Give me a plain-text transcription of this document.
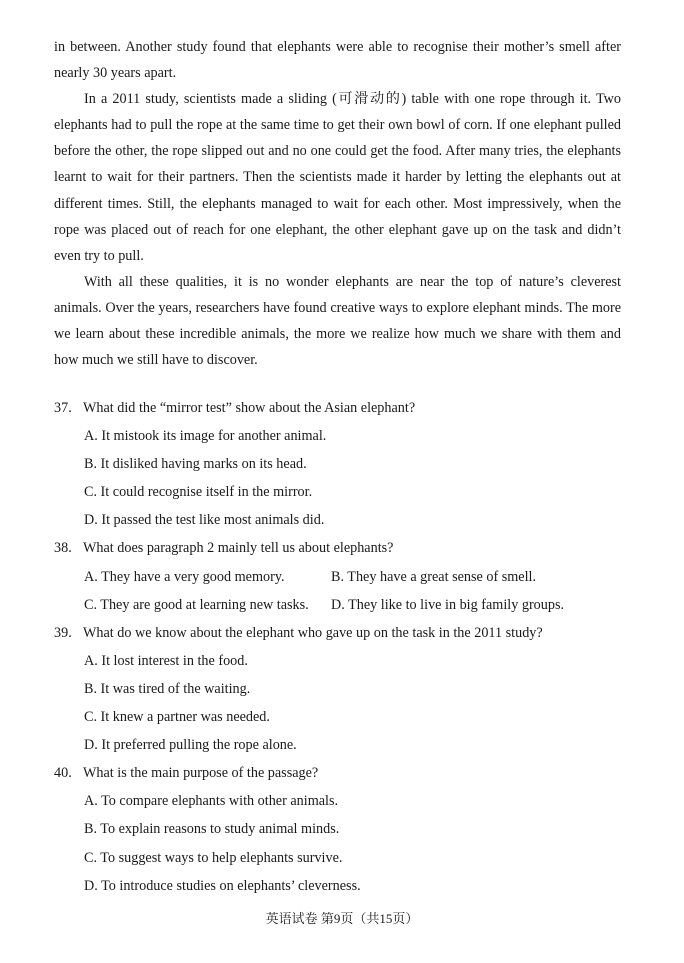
in between. Another study found that elephants were able to recognise their mother’s smell after nearly 30 years apart.

In a 2011 study, scientists made a sliding (可滑动的) table with one rope through it. Two elephants had to pull the rope at the same time to get their own bowl of corn. If one elephant pulled before the other, the rope slipped out and no one could get the food. After many tries, the elephants learnt to wait for their partners. Then the scientists made it harder by letting the elephants out at different times. Still, the elephants managed to wait for each other. Most impressively, when the rope was placed out of reach for one elephant, the other elephant gave up on the task and didn’t even try to pull.

With all these qualities, it is no wonder elephants are near the top of nature’s cleverest animals. Over the years, researchers have found creative ways to explore elephant minds. The more we learn about these incredible animals, the more we realize how much we share with them and how much we still have to discover.

37. What did the “mirror test” show about the Asian elephant?

A. It mistook its image for another animal.

B. It disliked having marks on its head.

C. It could recognise itself in the mirror.

D. It passed the test like most animals did.

38. What does paragraph 2 mainly tell us about elephants?

A. They have a very good memory.	B. They have a great sense of smell.
C. They are good at learning new tasks.	D. They like to live in big family groups.

39. What do we know about the elephant who gave up on the task in the 2011 study?

A. It lost interest in the food.

B. It was tired of the waiting.

C. It knew a partner was needed.

D. It preferred pulling the rope alone.

40. What is the main purpose of the passage?

A. To compare elephants with other animals.

B. To explain reasons to study animal minds.

C. To suggest ways to help elephants survive.

D. To introduce studies on elephants’ cleverness.

英语试卷 第9页（共15页）
